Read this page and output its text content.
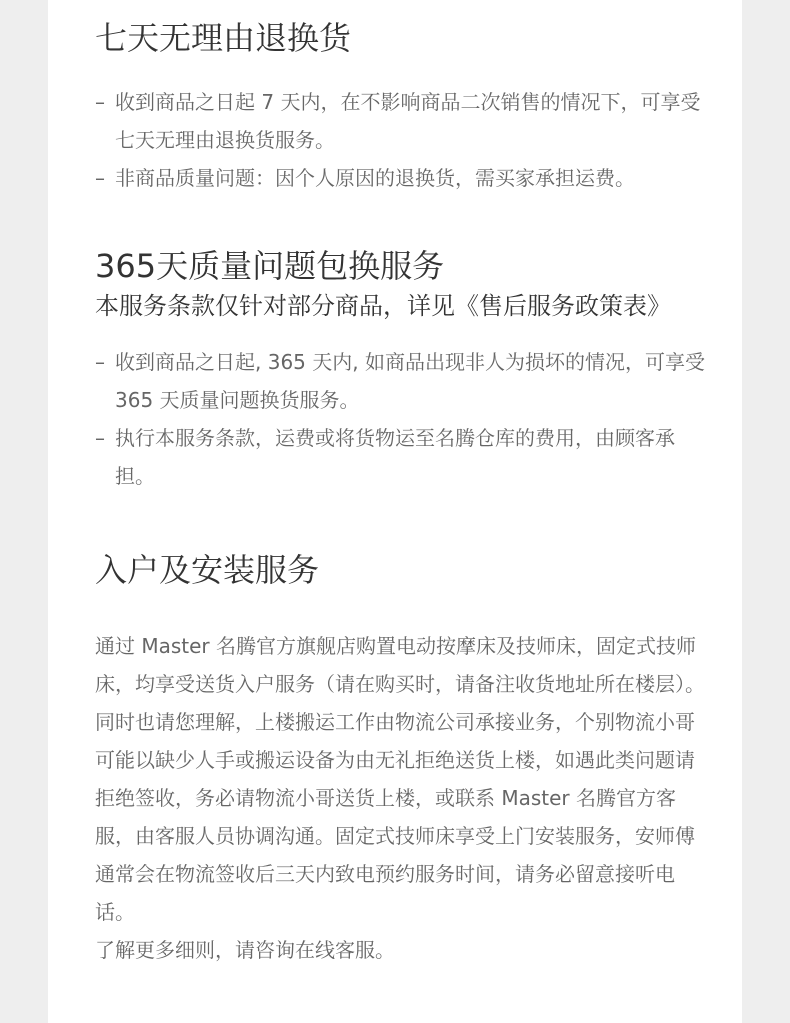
七天无理由退换货
– 收到商品之日起 7 天内，在不影响商品二次销售的情况下，可享受七天无理由退换货服务。
– 非商品质量问题：因个人原因的退换货，需买家承担运费。
365天质量问题包换服务

本服务条款仅针对部分商品，详见《售后服务政策表》

– 收到商品之日起, 365 天内, 如商品出现非人为损坏的情况，可享受 365 天质量问题换货服务。
– 执行本服务条款，运费或将货物运至名腾仓库的费用，由顾客承担。
入户及安装服务

通过 Master 名腾官方旗舰店购置电动按摩床及技师床，固定式技师床，均享受送货入户服务（请在购买时，请备注收货地址所在楼层）。同时也请您理解，上楼搬运工作由物流公司承接业务，个别物流小哥可能以缺少人手或搬运设备为由无礼拒绝送货上楼，如遇此类问题请拒绝签收，务必请物流小哥送货上楼，或联系 Master 名腾官方客服，由客服人员协调沟通。固定式技师床享受上门安装服务，安师傅通常会在物流签收后三天内致电预约服务时间，请务必留意接听电话。

了解更多细则，请咨询在线客服。
